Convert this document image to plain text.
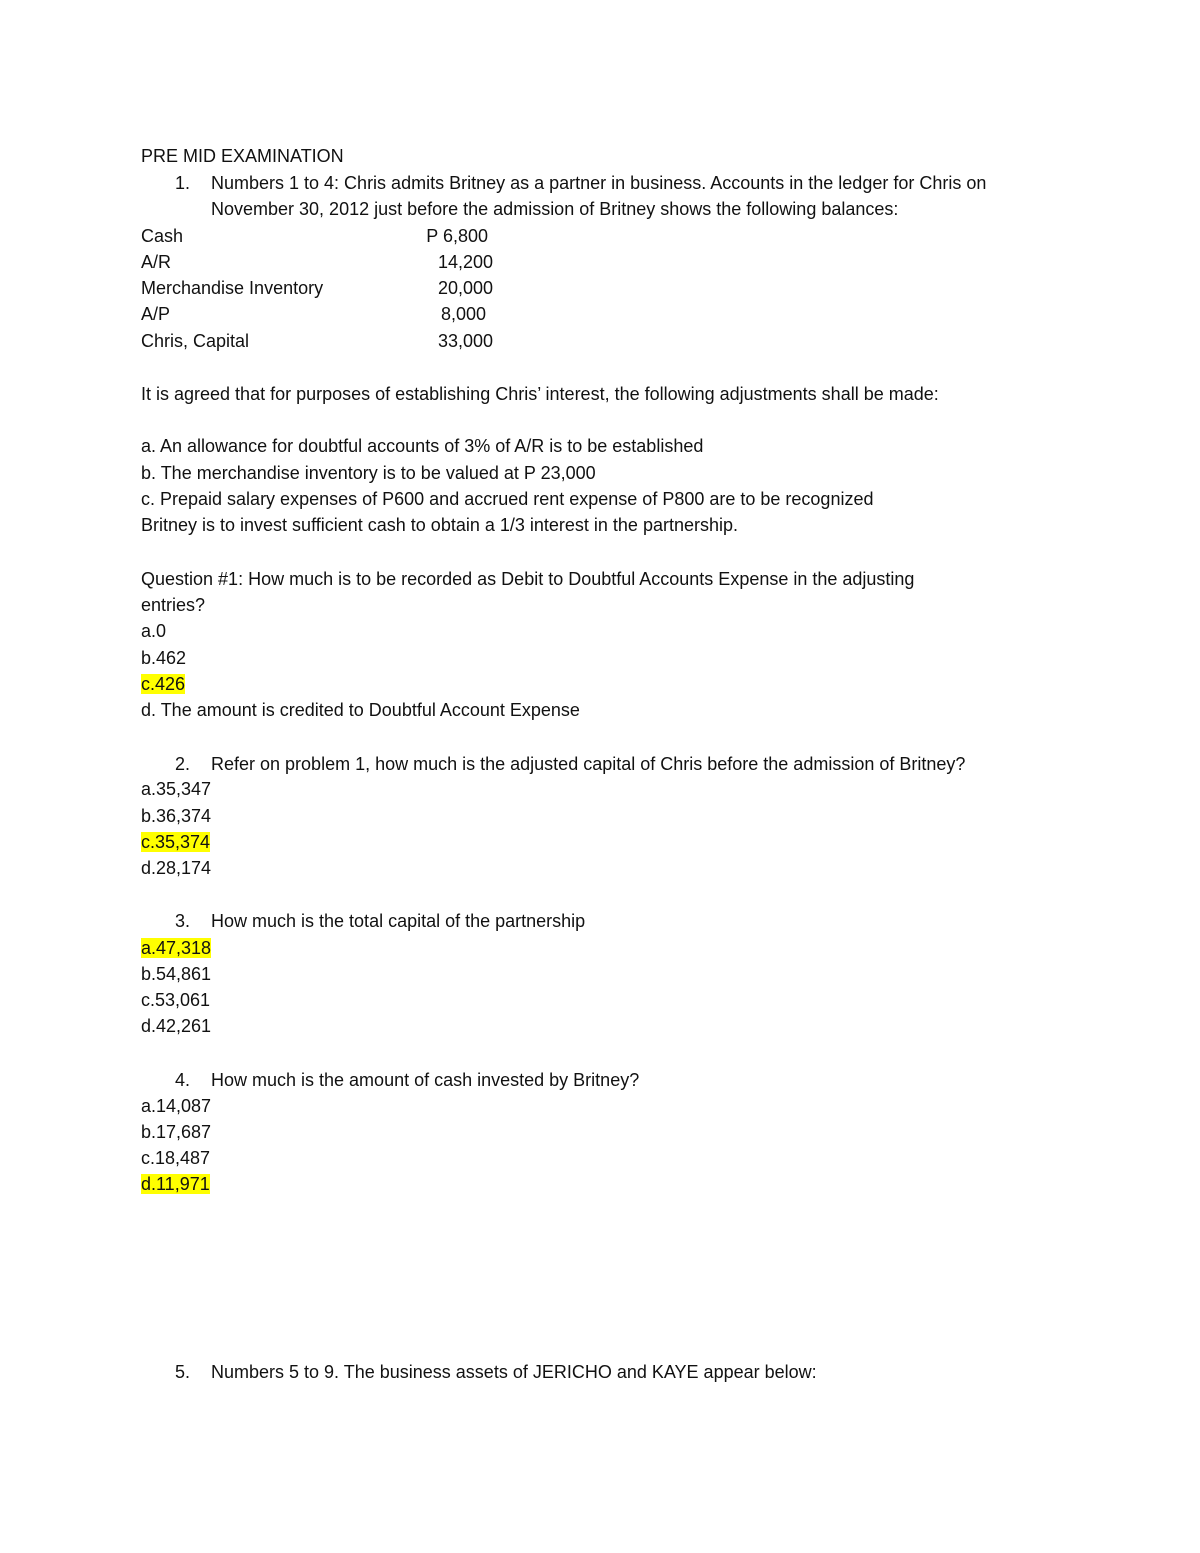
PRE MID EXAMINATION
1. Numbers 1 to 4: Chris admits Britney as a partner in business. Accounts in the ledger for Chris on
November 30, 2012 just before the admission of Britney shows the following balances:
Cash	P 6,800
A/R	14,200
Merchandise Inventory	20,000
A/P	8,000
Chris, Capital	33,000
It is agreed that for purposes of establishing Chris’ interest, the following adjustments shall be made:
a. An allowance for doubtful accounts of 3% of A/R is to be established
b. The merchandise inventory is to be valued at P 23,000
c. Prepaid salary expenses of P600 and accrued rent expense of P800 are to be recognized
Britney is to invest sufficient cash to obtain a 1/3 interest in the partnership.
Question #1: How much is to be recorded as Debit to Doubtful Accounts Expense in the adjusting
entries?
a.0
b.462
c.426
d. The amount is credited to Doubtful Account Expense
2. Refer on problem 1, how much is the adjusted capital of Chris before the admission of Britney?
a.35,347
b.36,374
c.35,374
d.28,174
3. How much is the total capital of the partnership
a.47,318
b.54,861
c.53,061
d.42,261
4. How much is the amount of cash invested by Britney?
a.14,087
b.17,687
c.18,487
d.11,971
5. Numbers 5 to 9. The business assets of JERICHO and KAYE appear below:
